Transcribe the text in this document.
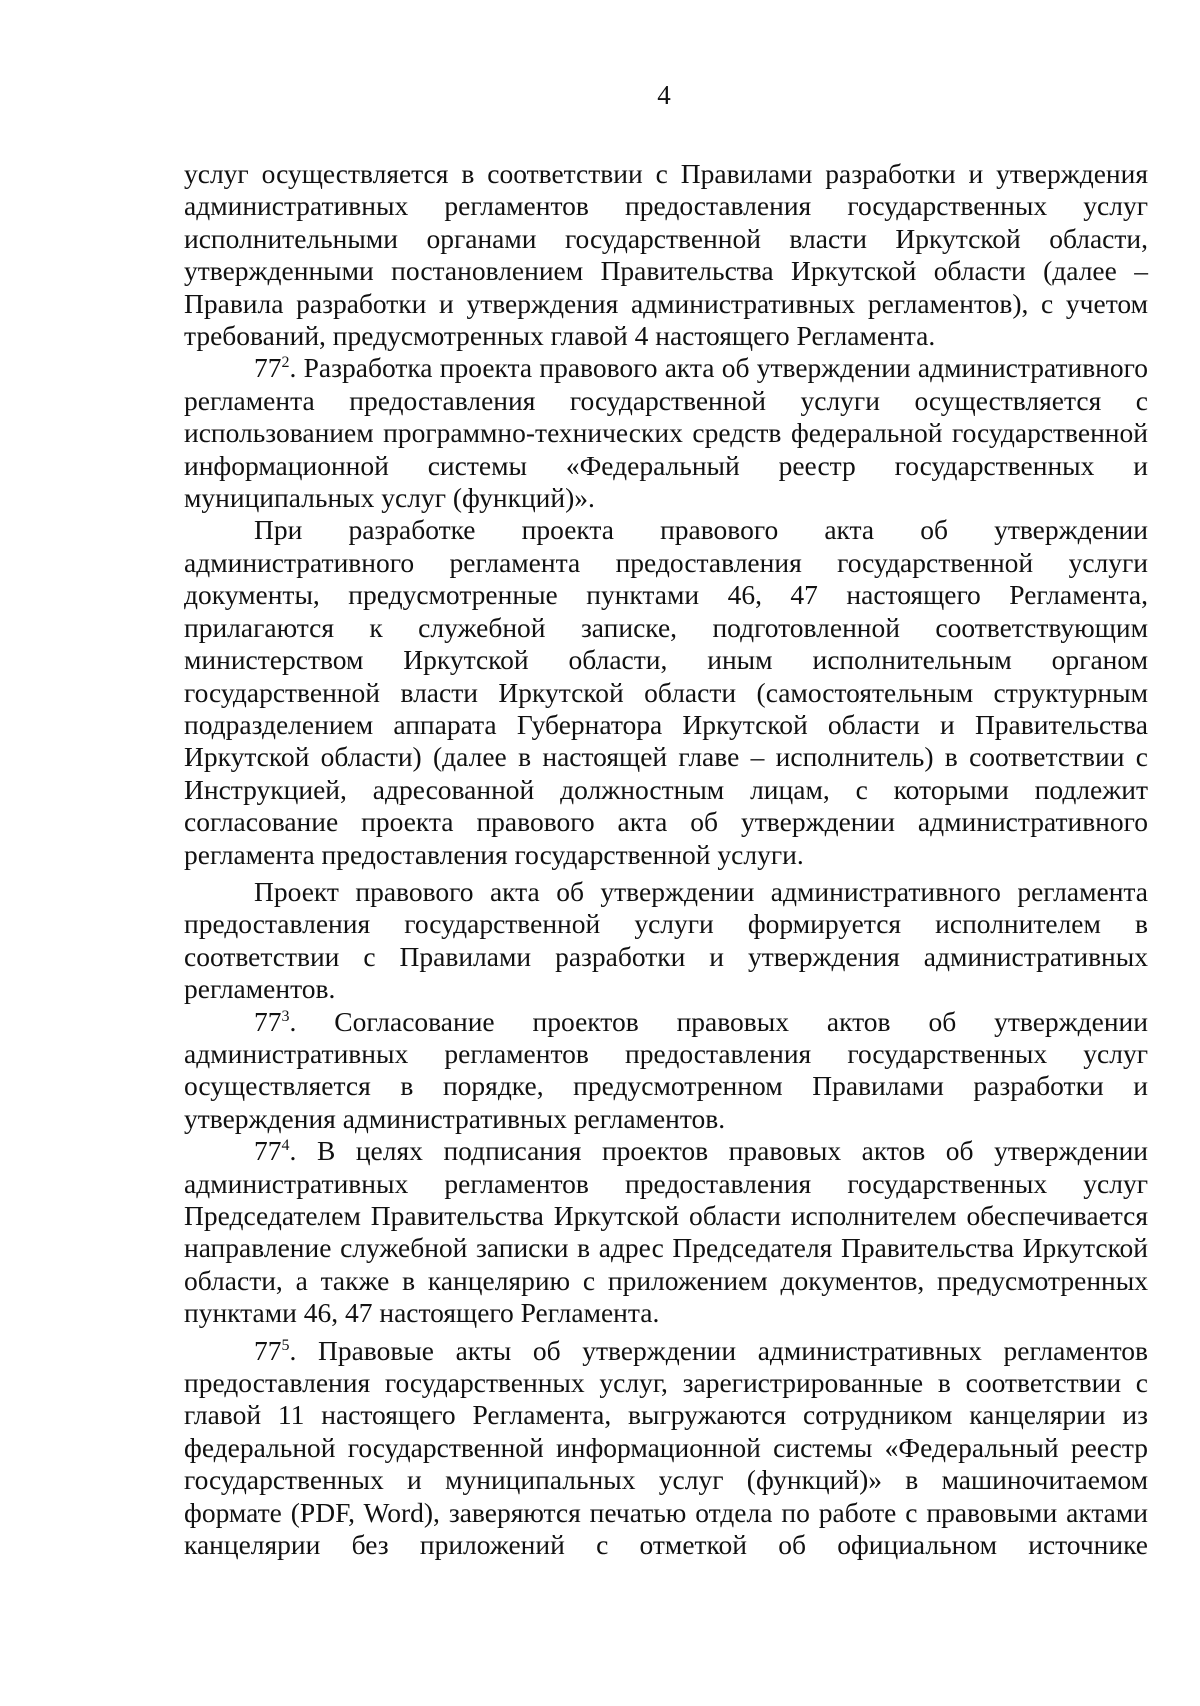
4

услуг осуществляется в соответствии с Правилами разработки и утверждения административных регламентов предоставления государственных услуг исполнительными органами государственной власти Иркутской области, утвержденными постановлением Правительства Иркутской области (далее – Правила разработки и утверждения административных регламентов), с учетом требований, предусмотренных главой 4 настоящего Регламента.

$77^2$. Разработка проекта правового акта об утверждении административного регламента предоставления государственной услуги осуществляется с использованием программно-технических средств федеральной государственной информационной системы «Федеральный реестр государственных и муниципальных услуг (функций)».

При разработке проекта правового акта об утверждении административного регламента предоставления государственной услуги документы, предусмотренные пунктами 46, 47 настоящего Регламента, прилагаются к служебной записке, подготовленной соответствующим министерством Иркутской области, иным исполнительным органом государственной власти Иркутской области (самостоятельным структурным подразделением аппарата Губернатора Иркутской области и Правительства Иркутской области) (далее в настоящей главе – исполнитель) в соответствии с Инструкцией, адресованной должностным лицам, с которыми подлежит согласование проекта правового акта об утверждении административного регламента предоставления государственной услуги.

Проект правового акта об утверждении административного регламента предоставления государственной услуги формируется исполнителем в соответствии с Правилами разработки и утверждения административных регламентов.

$77^3$. Согласование проектов правовых актов об утверждении административных регламентов предоставления государственных услуг осуществляется в порядке, предусмотренном Правилами разработки и утверждения административных регламентов.

$77^4$. В целях подписания проектов правовых актов об утверждении административных регламентов предоставления государственных услуг Председателем Правительства Иркутской области исполнителем обеспечивается направление служебной записки в адрес Председателя Правительства Иркутской области, а также в канцелярию с приложением документов, предусмотренных пунктами 46, 47 настоящего Регламента.

$77^5$. Правовые акты об утверждении административных регламентов предоставления государственных услуг, зарегистрированные в соответствии с главой 11 настоящего Регламента, выгружаются сотрудником канцелярии из федеральной государственной информационной системы «Федеральный реестр государственных и муниципальных услуг (функций)» в машиночитаемом формате (PDF, Word), заверяются печатью отдела по работе с правовыми актами канцелярии без приложений с отметкой об официальном источнике
